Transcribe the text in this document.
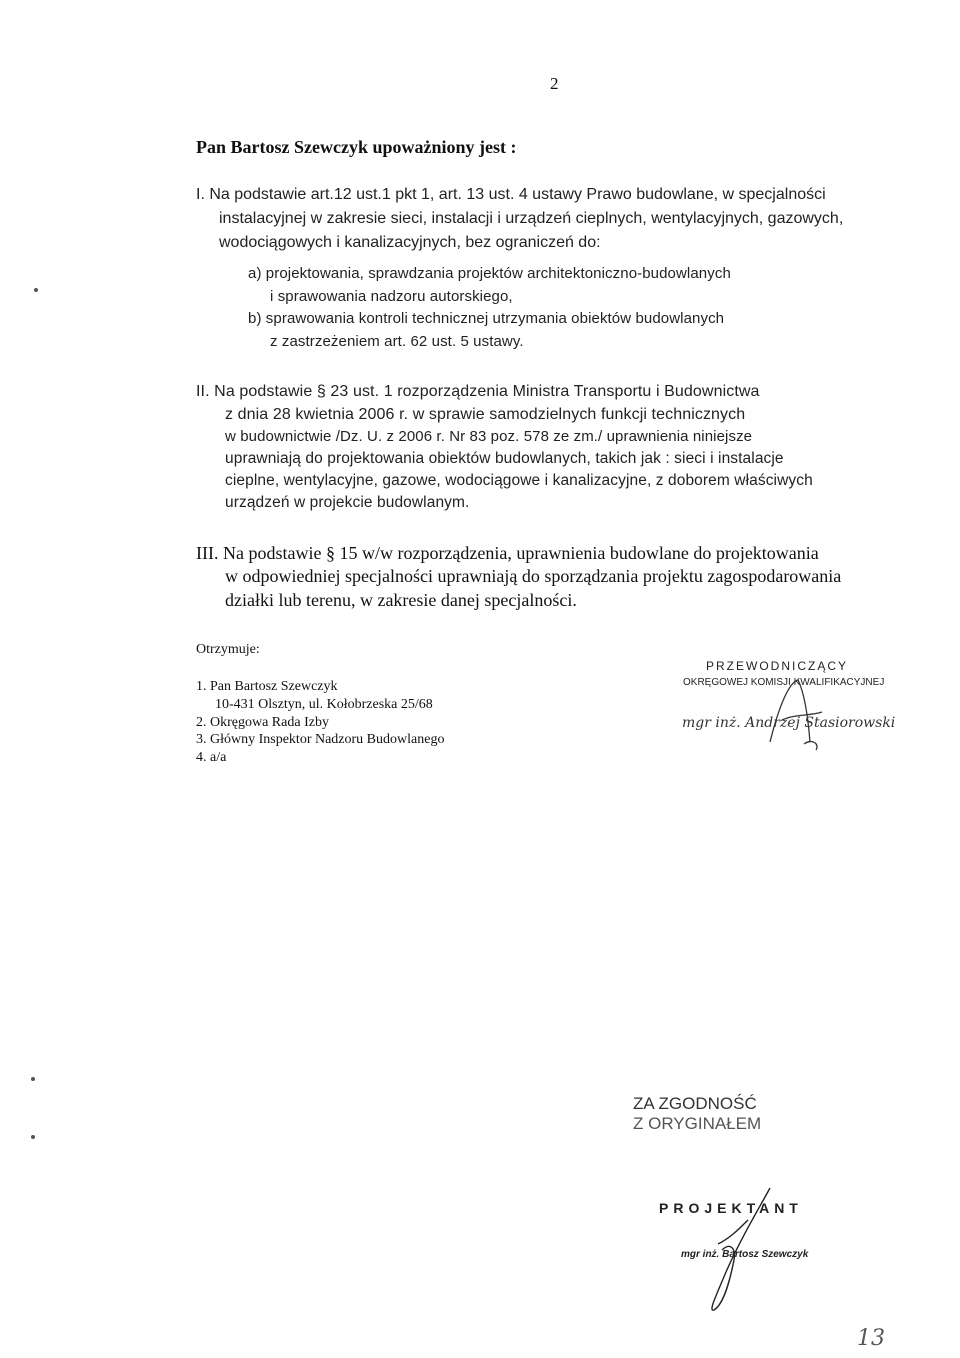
2
Pan Bartosz Szewczyk upoważniony jest :
I. Na podstawie art.12 ust.1 pkt 1, art. 13 ust. 4 ustawy Prawo budowlane, w specjalności
instalacyjnej w zakresie sieci, instalacji i urządzeń cieplnych, wentylacyjnych, gazowych,
wodociągowych i kanalizacyjnych, bez ograniczeń do:
a) projektowania, sprawdzania projektów architektoniczno-budowlanych
i sprawowania nadzoru autorskiego,
b) sprawowania kontroli technicznej utrzymania obiektów budowlanych
z zastrzeżeniem art. 62 ust. 5 ustawy.
II. Na podstawie § 23 ust. 1 rozporządzenia Ministra Transportu i Budownictwa
z dnia 28 kwietnia 2006 r. w sprawie samodzielnych funkcji technicznych
w budownictwie /Dz. U. z 2006 r. Nr 83 poz. 578 ze zm./ uprawnienia niniejsze
uprawniają do projektowania obiektów budowlanych, takich jak : sieci i instalacje
cieplne, wentylacyjne, gazowe, wodociągowe i kanalizacyjne, z doborem właściwych
urządzeń w projekcie budowlanym.
III. Na podstawie § 15 w/w rozporządzenia, uprawnienia budowlane do projektowania
w odpowiedniej specjalności uprawniają do sporządzania projektu zagospodarowania
działki lub terenu, w zakresie danej specjalności.
Otrzymuje:
1. Pan Bartosz Szewczyk
10-431 Olsztyn, ul. Kołobrzeska 25/68
2. Okręgowa Rada Izby
3. Główny Inspektor Nadzoru Budowlanego
4. a/a
PRZEWODNICZĄCY
OKRĘGOWEJ KOMISJI KWALIFIKACYJNEJ
mgr inż. Andrzej Stasiorowski
ZA ZGODNOŚĆ
Z ORYGINAŁEM
PROJEKTANT
mgr inż. Bartosz Szewczyk
13
